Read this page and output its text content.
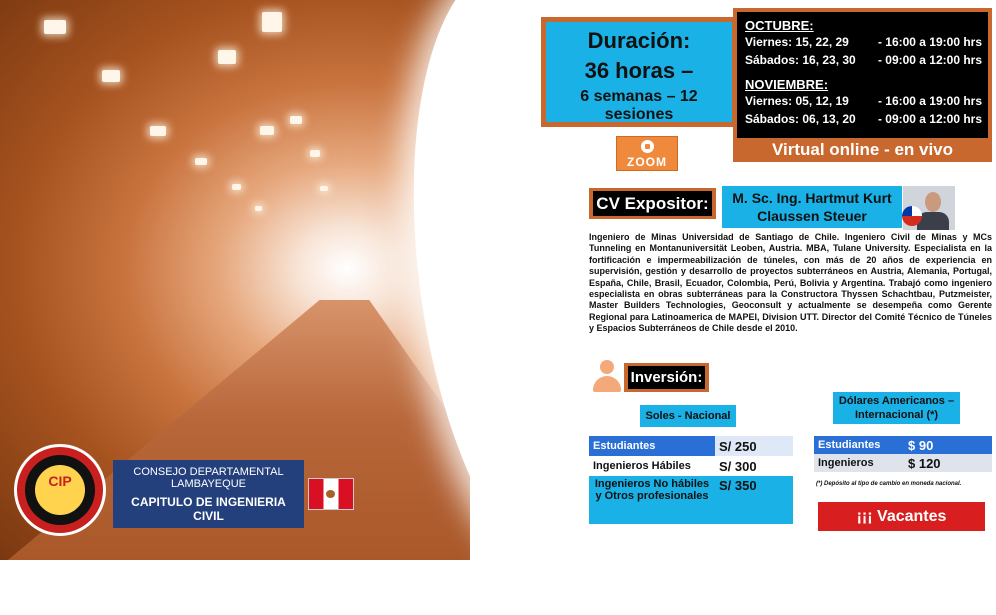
Duración:
36 horas –
6 semanas – 12 sesiones
ZOOM
OCTUBRE:
Viernes: 15, 22, 29 - 16:00 a 19:00 hrs
Sábados: 16, 23, 30 - 09:00 a 12:00 hrs
NOVIEMBRE:
Viernes: 05, 12, 19 - 16:00 a 19:00 hrs
Sábados: 06, 13, 20 - 09:00 a 12:00 hrs
Virtual online - en vivo
CV Expositor:	M. Sc. Ing. Hartmut Kurt
Claussen Steuer
Ingeniero de Minas Universidad de Santiago de Chile. Ingeniero Civil de Minas y MCs Tunneling en Montanuniversität Leoben, Austria. MBA, Tulane University. Especialista en la fortificación e impermeabilización de túneles, con más de 20 años de experiencia en supervisión, gestión y desarrollo de proyectos subterráneos en Austria, Alemania, Portugal, España, Chile, Brasil, Ecuador, Colombia, Perú, Bolivia y Argentina. Trabajó como ingeniero especialista en obras subterráneas para la Constructora Thyssen Schachtbau, Putzmeister, Master Builders Technologies, Geoconsult y actualmente se desempeña como Gerente Regional para Latinoamerica de MAPEI, Division UTT. Director del Comité Técnico de Túneles y Espacios Subterráneos de Chile desde el 2010.
Inversión:
Soles - Nacional
Dólares Americanos – Internacional (*)
Estudiantes	S/ 250
Ingenieros Hábiles	S/ 300
Ingenieros No hábiles y Otros profesionales	S/ 350
Estudiantes	$ 90
Ingenieros	$ 120
(*) Depósito al tipo de cambio en moneda nacional.
¡¡¡ Vacantes Limitadas !!!
CIP
CONSEJO DEPARTAMENTAL
LAMBAYEQUE
CAPITULO DE INGENIERIA
CIVIL
